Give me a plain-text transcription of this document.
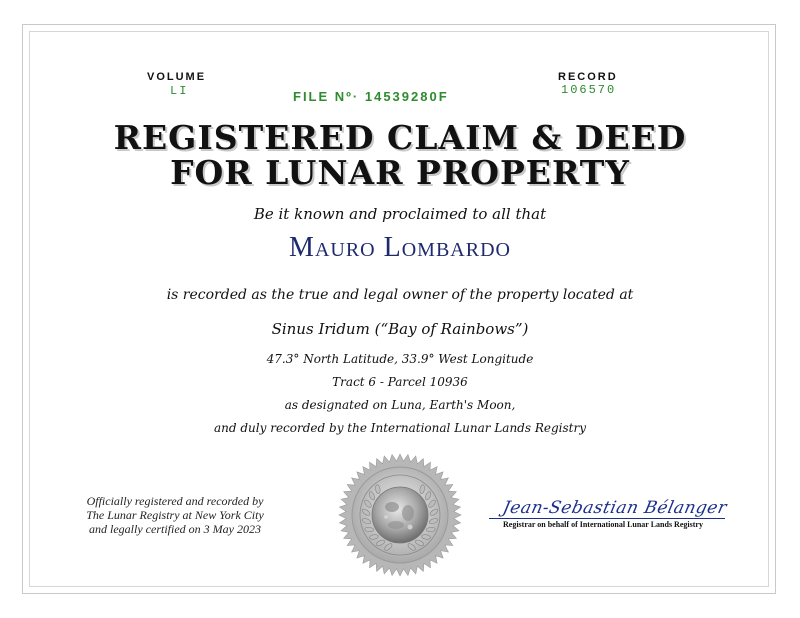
VOLUME
LI	FILE Nº· 14539280F
RECORD
106570
REGISTERED CLAIM & DEED
FOR LUNAR PROPERTY
Be it known and proclaimed to all that
Mauro Lombardo
is recorded as the true and legal owner of the property located at
Sinus Iridum (“Bay of Rainbows”)
47.3° North Latitude, 33.9° West Longitude
Tract 6 - Parcel 10936
as designated on Luna, Earth's Moon,
and duly recorded by the International Lunar Lands Registry
Officially registered and recorded by
The Lunar Registry at New York City
and legally certified on 3 May 2023
Jean-Sebastian Bélanger
Registrar on behalf of International Lunar Lands Registry
